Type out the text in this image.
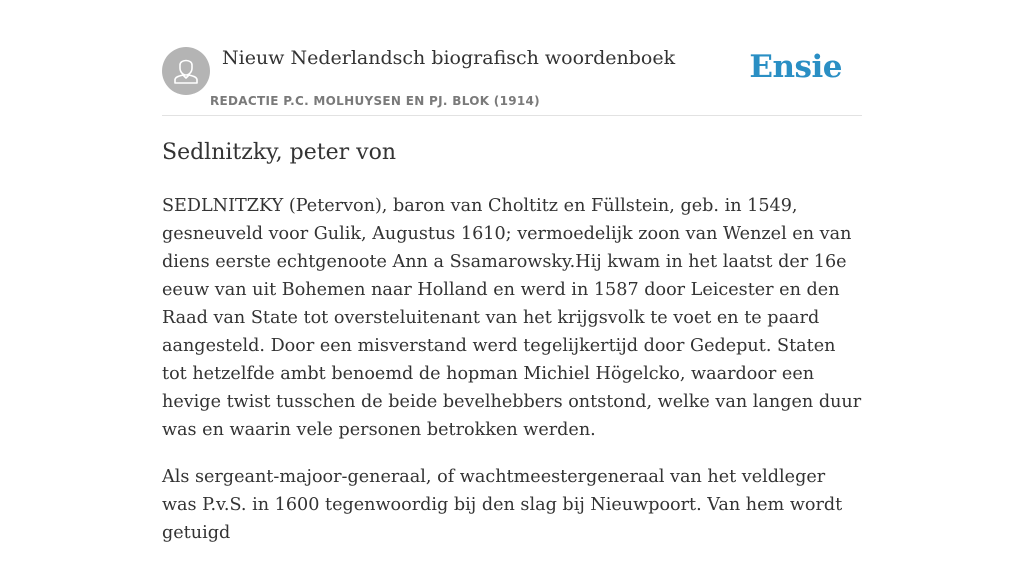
Nieuw Nederlandsch biografisch woordenboek
REDACTIE P.C. MOLHUYSEN EN PJ. BLOK (1914)
Ensie
Sedlnitzky, peter von

SEDLNITZKY (Petervon), baron van Choltitz en Füllstein, geb. in 1549, gesneuveld voor Gulik, Augustus 1610; vermoedelijk zoon van Wenzel en van diens eerste echtgenoote Ann a Ssamarowsky.Hij kwam in het laatst der 16e eeuw van uit Bohemen naar Holland en werd in 1587 door Leicester en den Raad van State tot oversteluitenant van het krijgsvolk te voet en te paard aangesteld. Door een misverstand werd tegelijkertijd door Gedeput. Staten tot hetzelfde ambt benoemd de hopman Michiel Högelcko, waardoor een hevige twist tusschen de beide bevelhebbers ontstond, welke van langen duur was en waarin vele personen betrokken werden.

Als sergeant-majoor-generaal, of wachtmeestergeneraal van het veldleger was P.v.S. in 1600 tegenwoordig bij den slag bij Nieuwpoort. Van hem wordt getuigd
